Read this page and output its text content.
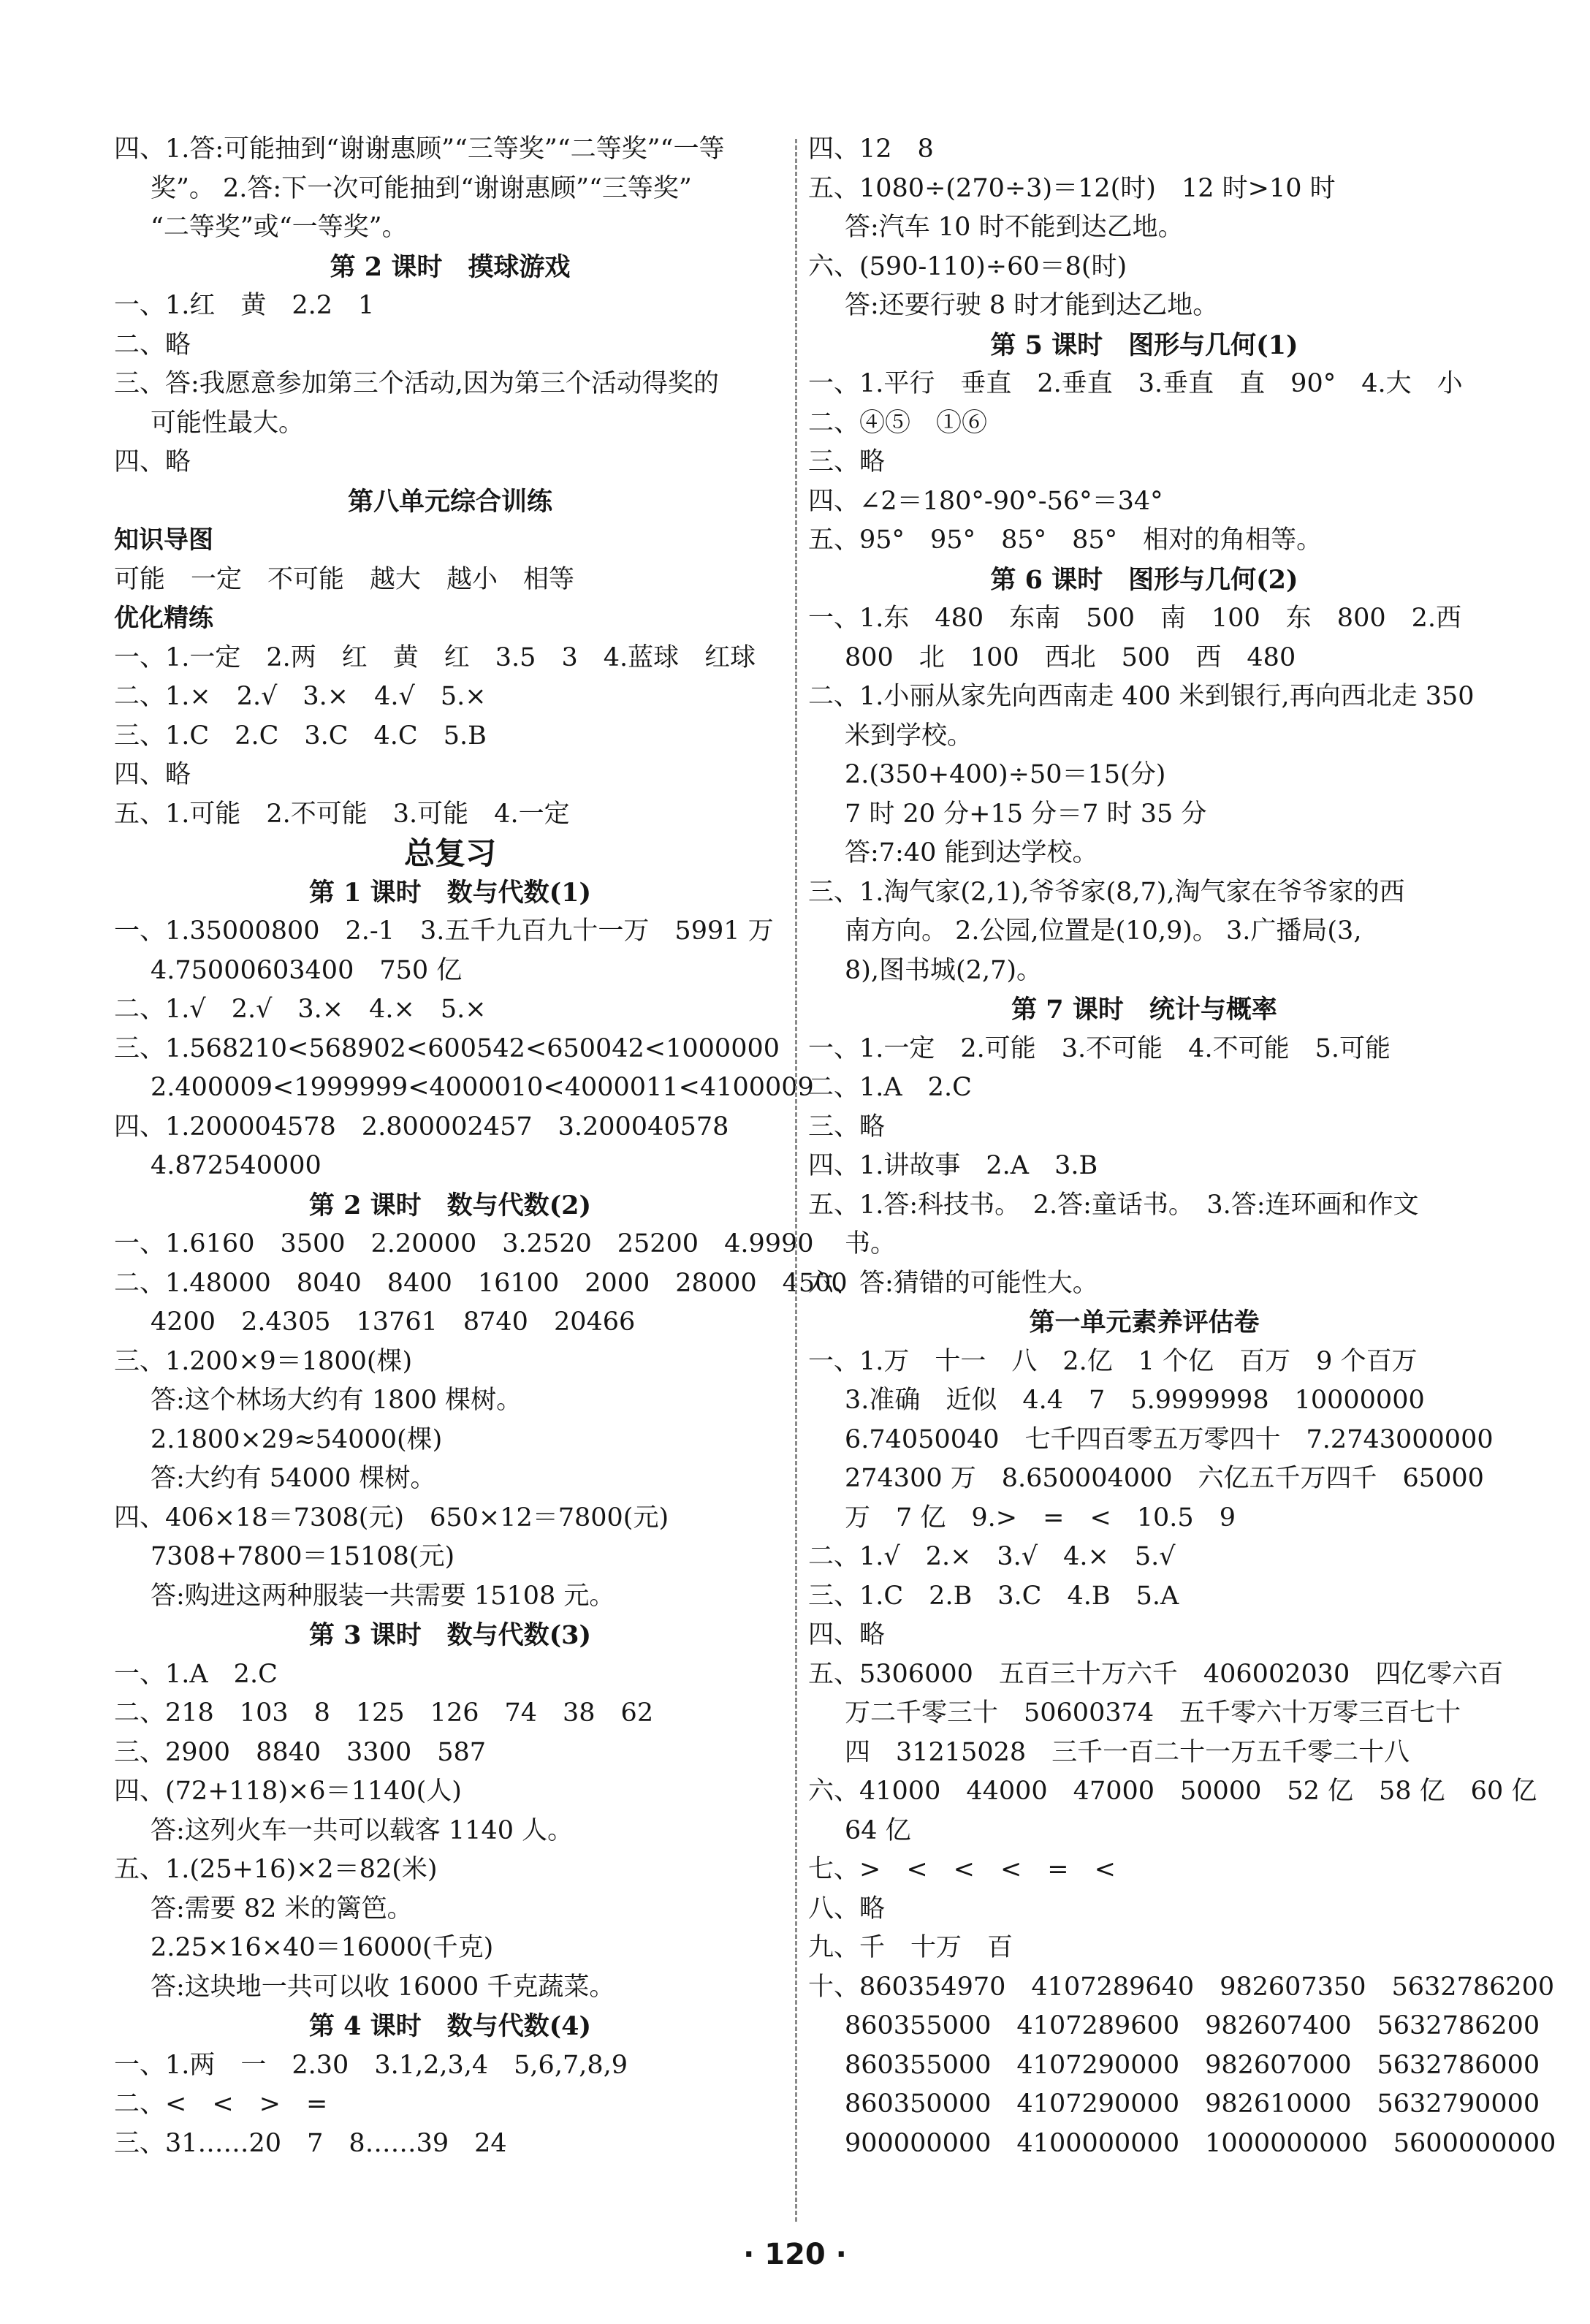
四、1.答:可能抽到“谢谢惠顾”“三等奖”“二等奖”“一等
奖”。 2.答:下一次可能抽到“谢谢惠顾”“三等奖”
“二等奖”或“一等奖”。
第 2 课时　摸球游戏
一、1.红　黄　2.2　1
二、略
三、答:我愿意参加第三个活动,因为第三个活动得奖的
可能性最大。
四、略
第八单元综合训练
知识导图
可能　一定　不可能　越大　越小　相等
优化精练
一、1.一定　2.两　红　黄　红　3.5　3　4.蓝球　红球
二、1.×　2.√　3.×　4.√　5.×
三、1.C　2.C　3.C　4.C　5.B
四、略
五、1.可能　2.不可能　3.可能　4.一定
总复习
第 1 课时　数与代数(1)
一、1.35000800　2.-1　3.五千九百九十一万　5991 万
4.75000603400　750 亿
二、1.√　2.√　3.×　4.×　5.×
三、1.568210<568902<600542<650042<1000000
2.400009<1999999<4000010<4000011<4100009
四、1.200004578　2.800002457　3.200040578
4.872540000
第 2 课时　数与代数(2)
一、1.6160　3500　2.20000　3.2520　25200　4.9990
二、1.48000　8040　8400　16100　2000　28000　4500
4200　2.4305　13761　8740　20466
三、1.200×9＝1800(棵)
答:这个林场大约有 1800 棵树。
2.1800×29≈54000(棵)
答:大约有 54000 棵树。
四、406×18＝7308(元)　650×12＝7800(元)
7308+7800＝15108(元)
答:购进这两种服装一共需要 15108 元。
第 3 课时　数与代数(3)
一、1.A　2.C
二、218　103　8　125　126　74　38　62
三、2900　8840　3300　587
四、(72+118)×6＝1140(人)
答:这列火车一共可以载客 1140 人。
五、1.(25+16)×2＝82(米)
答:需要 82 米的篱笆。
2.25×16×40＝16000(千克)
答:这块地一共可以收 16000 千克蔬菜。
第 4 课时　数与代数(4)
一、1.两　一　2.30　3.1,2,3,4　5,6,7,8,9
二、<　<　>　=
三、31……20　7　8……39　24
四、12　8
五、1080÷(270÷3)＝12(时)　12 时>10 时
答:汽车 10 时不能到达乙地。
六、(590-110)÷60＝8(时)
答:还要行驶 8 时才能到达乙地。
第 5 课时　图形与几何(1)
一、1.平行　垂直　2.垂直　3.垂直　直　90°　4.大　小
二、④⑤　①⑥
三、略
四、∠2＝180°-90°-56°＝34°
五、95°　95°　85°　85°　相对的角相等。
第 6 课时　图形与几何(2)
一、1.东　480　东南　500　南　100　东　800　2.西
800　北　100　西北　500　西　480
二、1.小丽从家先向西南走 400 米到银行,再向西北走 350
米到学校。
2.(350+400)÷50＝15(分)
7 时 20 分+15 分＝7 时 35 分
答:7:40 能到达学校。
三、1.淘气家(2,1),爷爷家(8,7),淘气家在爷爷家的西
南方向。 2.公园,位置是(10,9)。 3.广播局(3,
8),图书城(2,7)。
第 7 课时　统计与概率
一、1.一定　2.可能　3.不可能　4.不可能　5.可能
二、1.A　2.C
三、略
四、1.讲故事　2.A　3.B
五、1.答:科技书。　2.答:童话书。　3.答:连环画和作文
书。
六、答:猜错的可能性大。
第一单元素养评估卷
一、1.万　十一　八　2.亿　1 个亿　百万　9 个百万
3.准确　近似　4.4　7　5.9999998　10000000
6.74050040　七千四百零五万零四十　7.2743000000
274300 万　8.650004000　六亿五千万四千　65000
万　7 亿　9.>　=　<　10.5　9
二、1.√　2.×　3.√　4.×　5.√
三、1.C　2.B　3.C　4.B　5.A
四、略
五、5306000　五百三十万六千　406002030　四亿零六百
万二千零三十　50600374　五千零六十万零三百七十
四　31215028　三千一百二十一万五千零二十八
六、41000　44000　47000　50000　52 亿　58 亿　60 亿
64 亿
七、>　<　<　<　=　<
八、略
九、千　十万　百
十、860354970　4107289640　982607350　5632786200
860355000　4107289600　982607400　5632786200
860355000　4107290000　982607000　5632786000
860350000　4107290000　982610000　5632790000
900000000　4100000000　1000000000　5600000000
· 120 ·
